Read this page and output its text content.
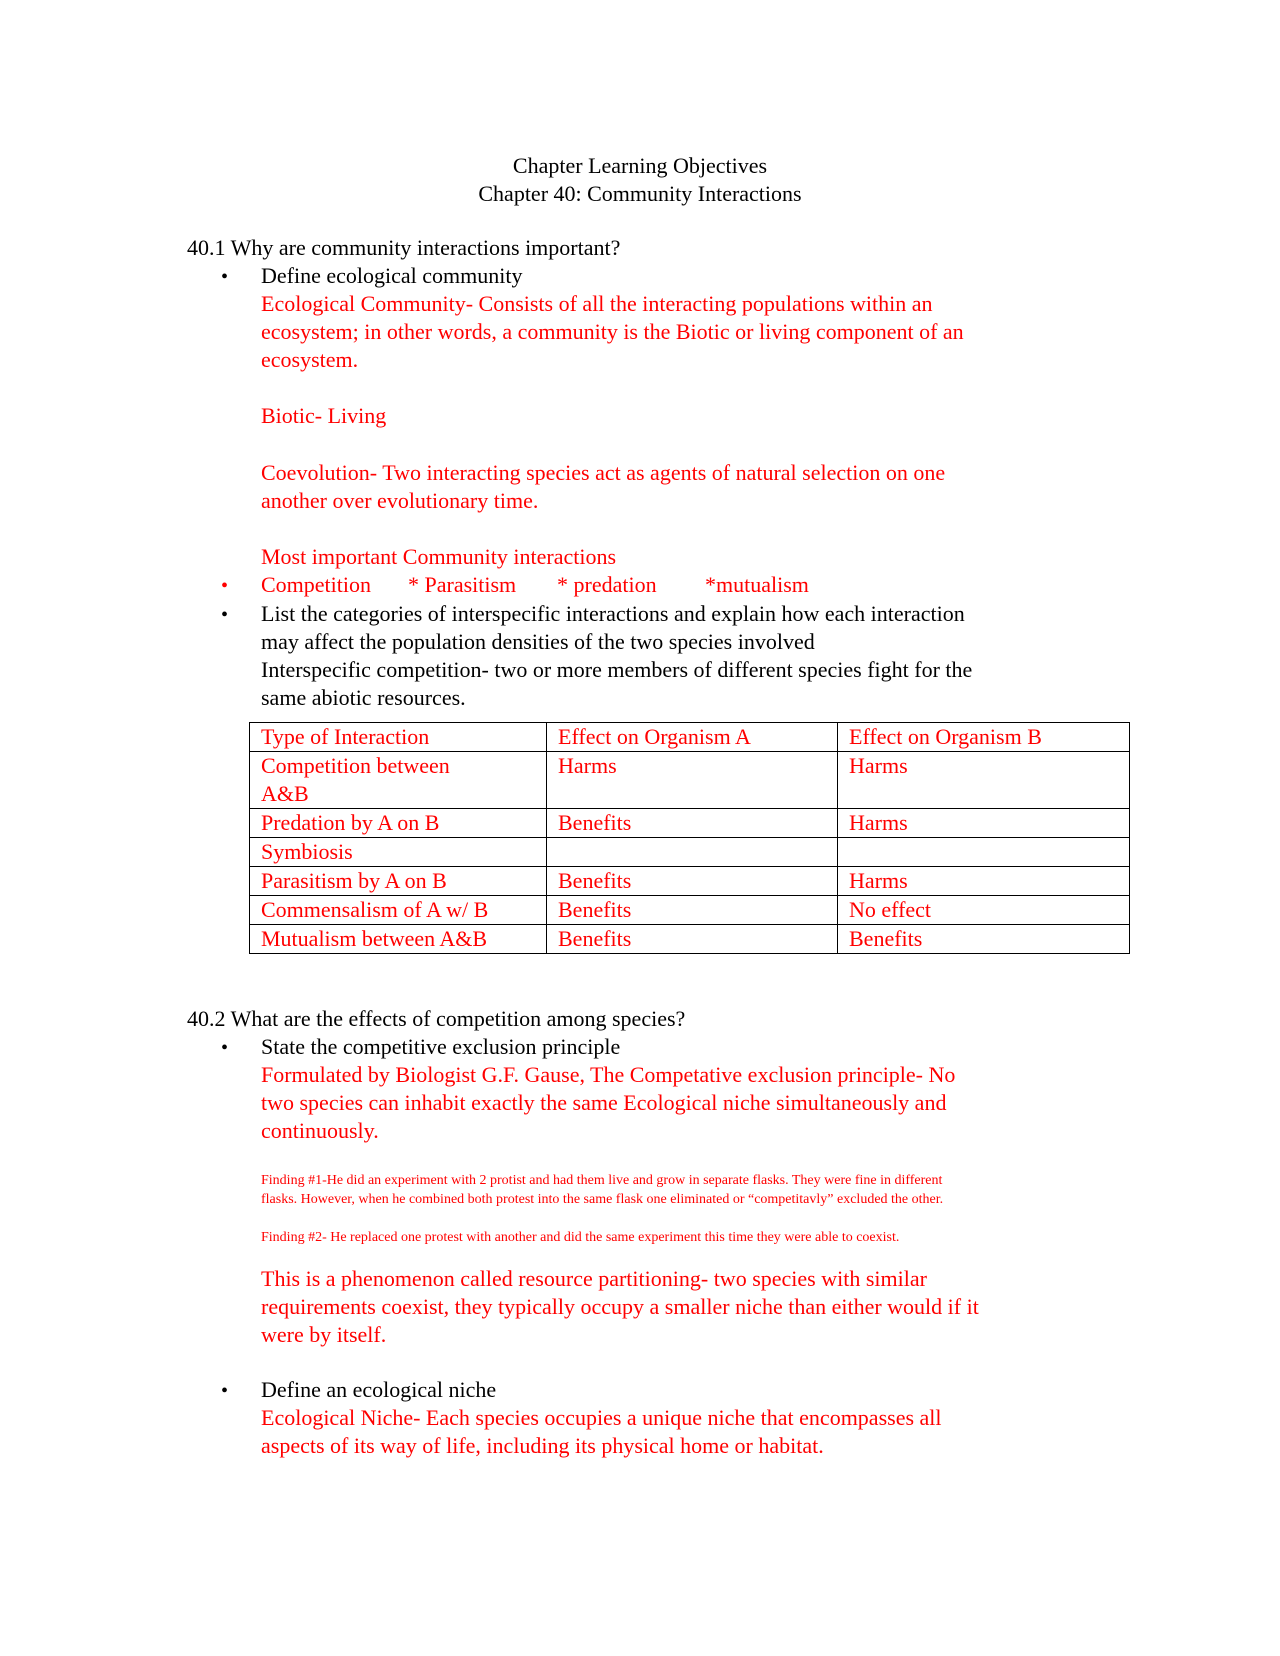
Chapter Learning Objectives
Chapter 40: Community Interactions
40.1 Why are community interactions important?
• Define ecological community
Ecological Community- Consists of all the interacting populations within an
ecosystem; in other words, a community is the Biotic or living component of an
ecosystem.
Biotic- Living
Coevolution- Two interacting species act as agents of natural selection on one
another over evolutionary time.
Most important Community interactions
• Competition * Parasitism * predation *mutualism
• List the categories of interspecific interactions and explain how each interaction
may affect the population densities of the two species involved
Interspecific competition- two or more members of different species fight for the
same abiotic resources.
Type of Interaction	Effect on Organism A	Effect on Organism B
Competition between
A&B	Harms	Harms
Predation by A on B	Benefits	Harms
Symbiosis		
Parasitism by A on B	Benefits	Harms
Commensalism of A w/ B	Benefits	No effect
Mutualism between A&B	Benefits	Benefits
40.2 What are the effects of competition among species?
• State the competitive exclusion principle
Formulated by Biologist G.F. Gause, The Competative exclusion principle- No
two species can inhabit exactly the same Ecological niche simultaneously and
continuously.
Finding #1-He did an experiment with 2 protist and had them live and grow in separate flasks. They were fine in different
flasks. However, when he combined both protest into the same flask one eliminated or “competitavly” excluded the other.
Finding #2- He replaced one protest with another and did the same experiment this time they were able to coexist.
This is a phenomenon called resource partitioning- two species with similar
requirements coexist, they typically occupy a smaller niche than either would if it
were by itself.
• Define an ecological niche
Ecological Niche- Each species occupies a unique niche that encompasses all
aspects of its way of life, including its physical home or habitat.
